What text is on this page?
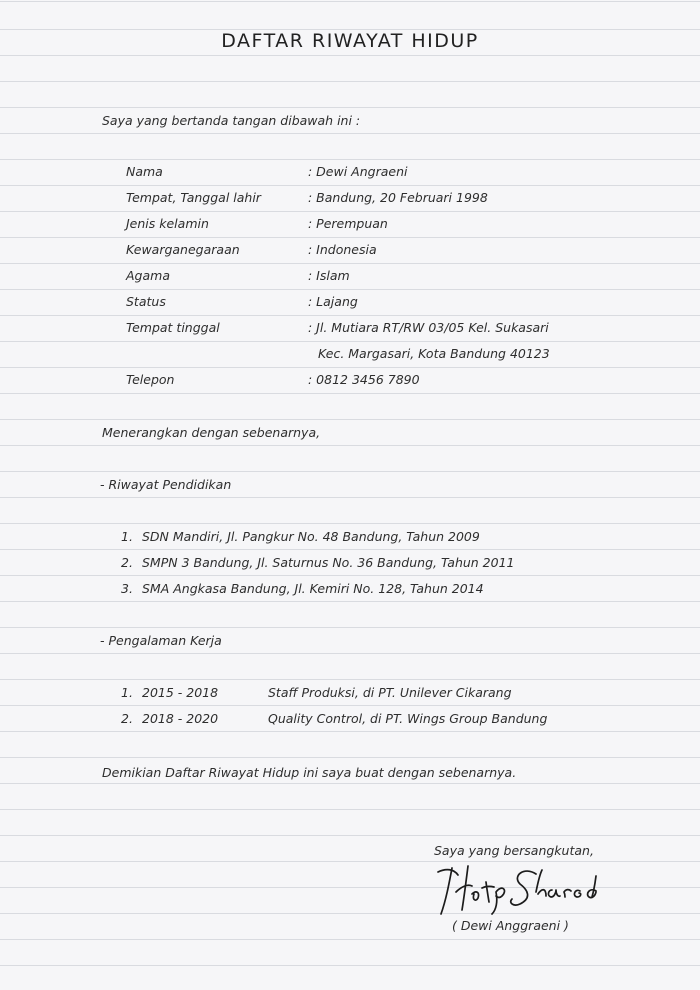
DAFTAR RIWAYAT HIDUP
Saya yang bertanda tangan dibawah ini :
Nama	: Dewi Angraeni
Tempat, Tanggal lahir	: Bandung, 20 Februari 1998
Jenis kelamin	: Perempuan
Kewarganegaraan	: Indonesia
Agama	: Islam
Status	: Lajang
Tempat tinggal	: Jl. Mutiara RT/RW 03/05 Kel. Sukasari
Kec. Margasari, Kota Bandung 40123
Telepon	: 0812 3456 7890
Menerangkan dengan sebenarnya,
- Riwayat Pendidikan
1. SDN Mandiri, Jl. Pangkur No. 48 Bandung, Tahun 2009
2. SMPN 3 Bandung, Jl. Saturnus No. 36 Bandung, Tahun 2011
3. SMA Angkasa Bandung, Jl. Kemiri No. 128, Tahun 2014
- Pengalaman Kerja
1. 2015 - 2018	Staff Produksi, di PT. Unilever Cikarang
2. 2018 - 2020	Quality Control, di PT. Wings Group Bandung
Demikian Daftar Riwayat Hidup ini saya buat dengan sebenarnya.
Saya yang bersangkutan,
( Dewi Anggraeni )
